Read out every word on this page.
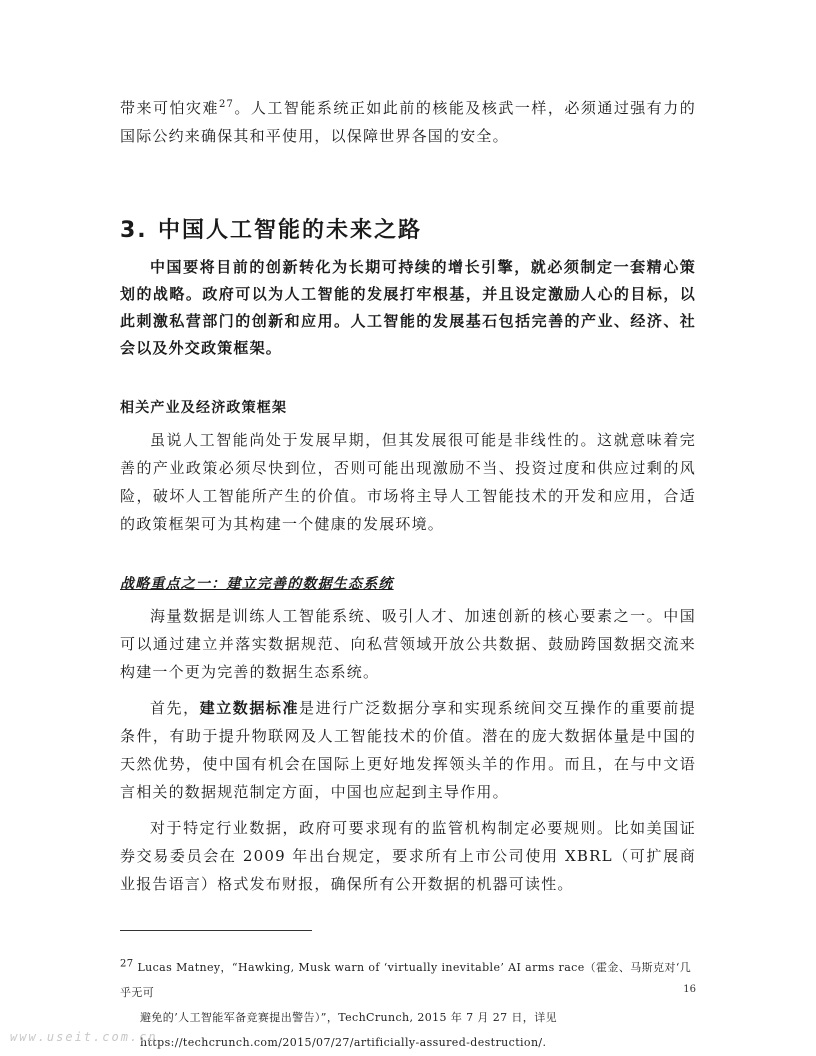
带来可怕灾难$^{27}$。人工智能系统正如此前的核能及核武一样，必须通过强有力的国际公约来确保其和平使用，以保障世界各国的安全。

3. 中国人工智能的未来之路

中国要将目前的创新转化为长期可持续的增长引擎，就必须制定一套精心策划的战略。政府可以为人工智能的发展打牢根基，并且设定激励人心的目标，以此刺激私营部门的创新和应用。人工智能的发展基石包括完善的产业、经济、社会以及外交政策框架。

相关产业及经济政策框架

虽说人工智能尚处于发展早期，但其发展很可能是非线性的。这就意味着完善的产业政策必须尽快到位，否则可能出现激励不当、投资过度和供应过剩的风险，破坏人工智能所产生的价值。市场将主导人工智能技术的开发和应用，合适的政策框架可为其构建一个健康的发展环境。

战略重点之一：建立完善的数据生态系统

海量数据是训练人工智能系统、吸引人才、加速创新的核心要素之一。中国可以通过建立并落实数据规范、向私营领域开放公共数据、鼓励跨国数据交流来构建一个更为完善的数据生态系统。

首先，建立数据标准是进行广泛数据分享和实现系统间交互操作的重要前提条件，有助于提升物联网及人工智能技术的价值。潜在的庞大数据体量是中国的天然优势，使中国有机会在国际上更好地发挥领头羊的作用。而且，在与中文语言相关的数据规范制定方面，中国也应起到主导作用。

对于特定行业数据，政府可要求现有的监管机构制定必要规则。比如美国证券交易委员会在 2009 年出台规定，要求所有上市公司使用 XBRL（可扩展商业报告语言）格式发布财报，确保所有公开数据的机器可读性。

27 Lucas Matney，“Hawking, Musk warn of ‘virtually inevitable’ AI arms race（霍金、马斯克对‘几乎无可
避免的’人工智能军备竞赛提出警告）”，TechCrunch, 2015 年 7 月 27 日，详见
https://techcrunch.com/2015/07/27/artificially-assured-destruction/.

16
www.useit.com.cn
